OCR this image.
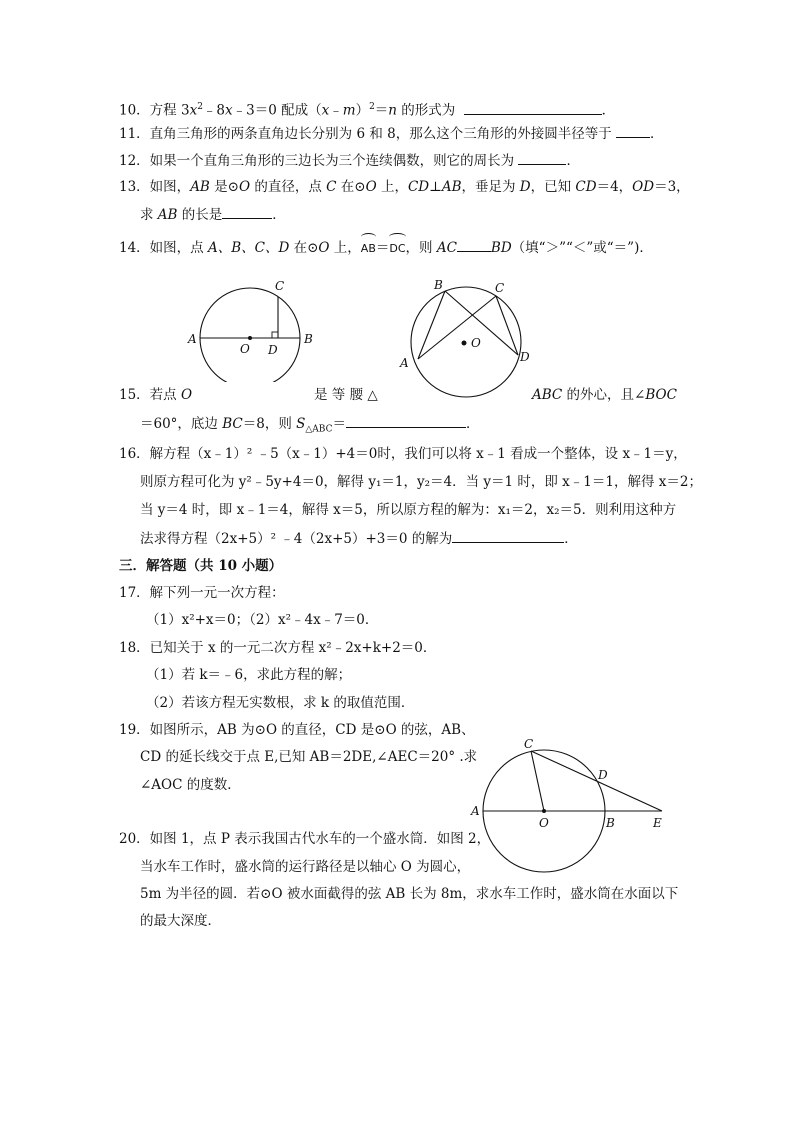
10．方程 $3x^2﹣8x﹣3=0$ 配成（x﹣m）$^2$＝n 的形式为	．
11．直角三角形的两条直角边长分别为 6 和 8，那么这个三角形的外接圆半径等于	．
12．如果一个直角三角形的三边长为三个连续偶数，则它的周长为	．
13．如图，AB 是⊙O 的直径，点 C 在⊙O 上，CD⊥AB，垂足为 D，已知 CD＝4，OD＝3，
求 AB 的长是	．
14．如图，点 A、B、C、D 在⊙O 上，
AB＝
DC，则 AC	BD（填“＞”“＜”或“＝”)．
A	B
C
D
O	O
A
B	C
D
15．若点 O	是 等 腰 △	ABC 的外心，且∠BOC
＝60°，底边 BC＝8，则 $S_{\triangle ABC}=$	．
16．解方程（x﹣1）² ﹣5（x﹣1）+4＝0时，我们可以将 x﹣1 看成一个整体，设 x﹣1＝y，
则原方程可化为 y²﹣5y+4＝0，解得 y₁＝1，y₂＝4．当 y＝1 时，即 x﹣1＝1，解得 x＝2；
当 y＝4 时，即 x﹣1＝4，解得 x＝5，所以原方程的解为：x₁＝2，x₂＝5．则利用这种方
法求得方程（2x+5）² ﹣4（2x+5）+3＝0 的解为	．
三．解答题（共 10 小题）
17．解下列一元一次方程：
（1）x²+x＝0；（2）x²﹣4x﹣7＝0．
18．已知关于 x 的一元二次方程 x²﹣2x+k+2＝0．
（1）若 k＝﹣6，求此方程的解；
（2）若该方程无实数根，求 k 的取值范围．
19．如图所示，AB 为⊙O 的直径，CD 是⊙O 的弦，AB、
CD 的延长线交于点 E,已知 AB＝2DE,∠AEC＝20° .求
∠AOC 的度数．
A
B
C
D
E
O
20．如图 1，点 P 表示我国古代水车的一个盛水筒．如图 2，
当水车工作时，盛水筒的运行路径是以轴心 O 为圆心，
5m 为半径的圆．若⊙O 被水面截得的弦 AB 长为 8m，求水车工作时，盛水筒在水面以下
的最大深度．
